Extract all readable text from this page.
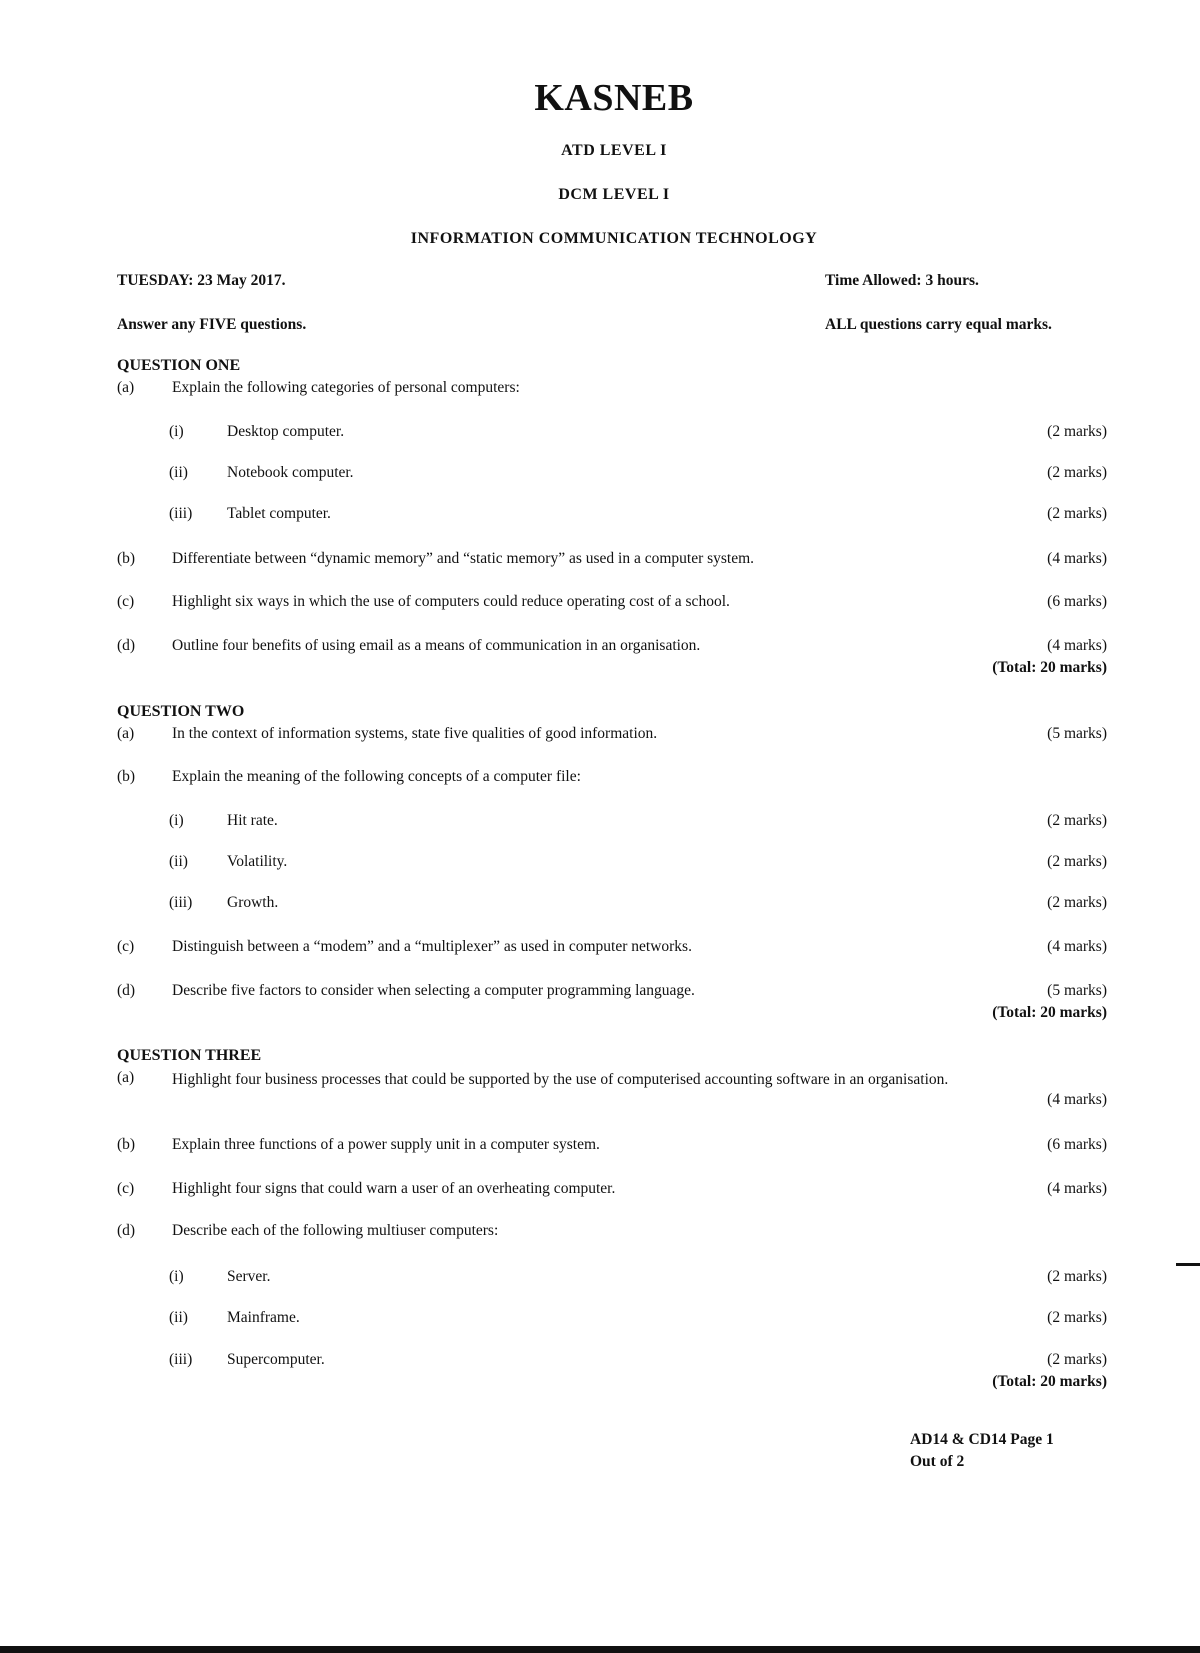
KASNEB
ATD LEVEL I
DCM LEVEL I
INFORMATION COMMUNICATION TECHNOLOGY
TUESDAY: 23 May 2017.	Time Allowed: 3 hours.
Answer any FIVE questions.	ALL questions carry equal marks.
QUESTION ONE
(a) Explain the following categories of personal computers:
(i)	Desktop computer.	(2 marks)
(ii)	Notebook computer.	(2 marks)
(iii) Tablet computer.	(2 marks)
(b) Differentiate between “dynamic memory” and “static memory” as used in a computer system.	(4 marks)
(c) Highlight six ways in which the use of computers could reduce operating cost of a school.	(6 marks)
(d) Outline four benefits of using email as a means of communication in an organisation.	(4 marks)
(Total: 20 marks)
QUESTION TWO
(a) In the context of information systems, state five qualities of good information.	(5 marks)
(b) Explain the meaning of the following concepts of a computer file:
(i)	Hit rate.	(2 marks)
(ii)	Volatility.	(2 marks)
(iii) Growth.	(2 marks)
(c) Distinguish between a “modem” and a “multiplexer” as used in computer networks.	(4 marks)
(d) Describe five factors to consider when selecting a computer programming language.	(5 marks)
(Total: 20 marks)
QUESTION THREE
(a) Highlight four business processes that could be supported by the use of computerised accounting software in an organisation.
(4 marks)
(b) Explain three functions of a power supply unit in a computer system.	(6 marks)
(c) Highlight four signs that could warn a user of an overheating computer.	(4 marks)
(d) Describe each of the following multiuser computers:
(i)	Server.	(2 marks)
(ii)	Mainframe.	(2 marks)
(iii) Supercomputer.	(2 marks)
(Total: 20 marks)
AD14 & CD14 Page 1
Out of 2
